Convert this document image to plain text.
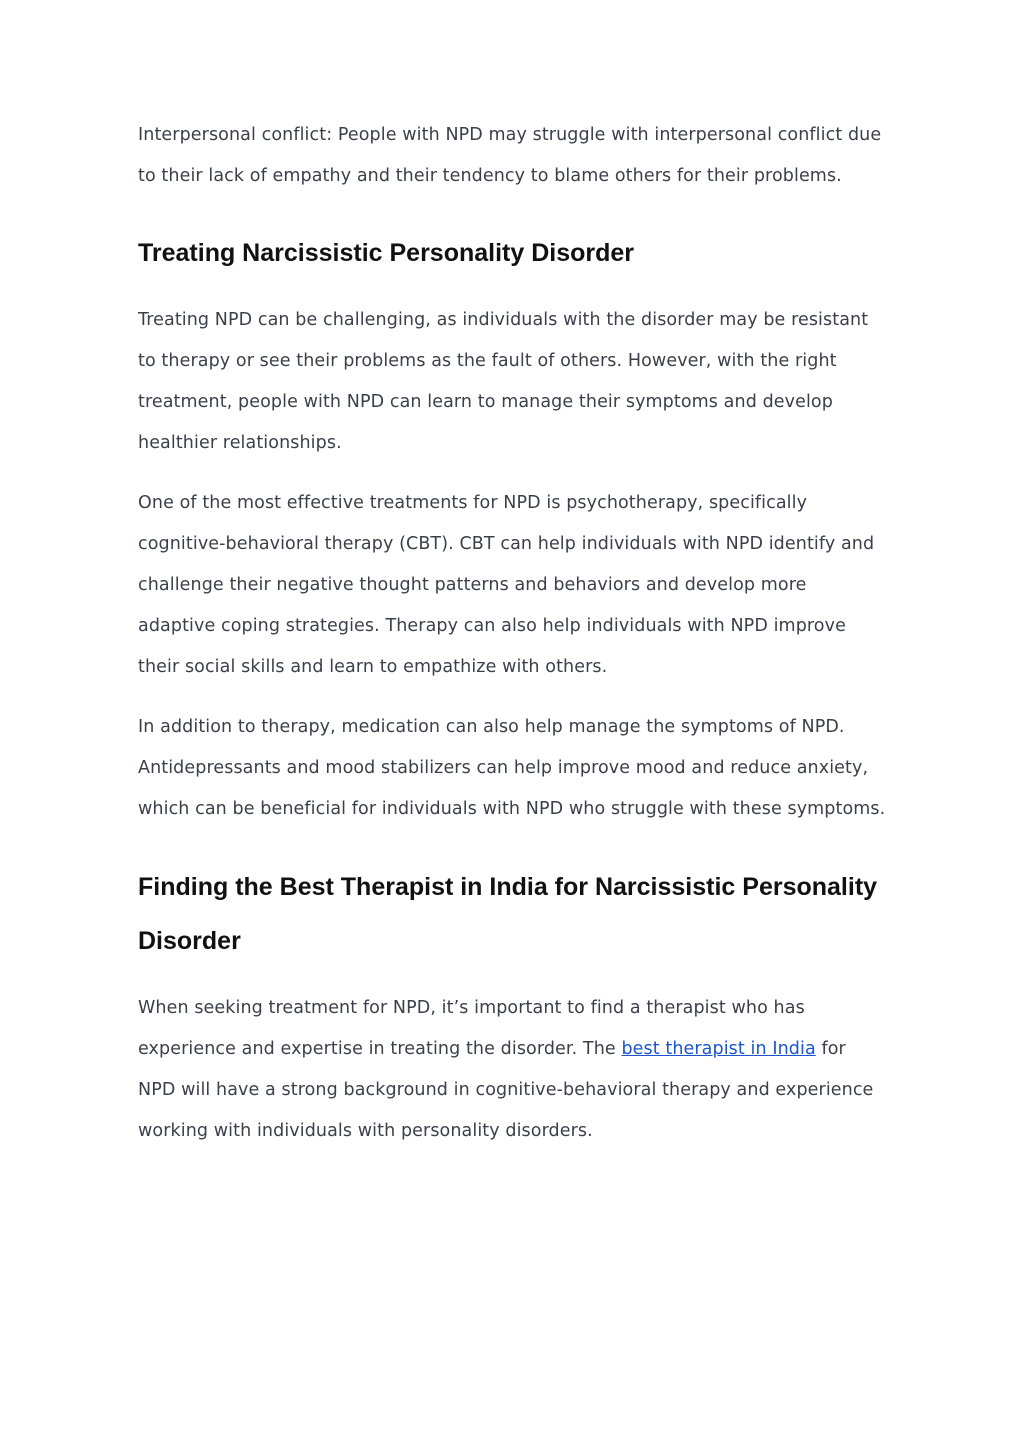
Interpersonal conflict: People with NPD may struggle with interpersonal conflict due to their lack of empathy and their tendency to blame others for their problems.

Treating Narcissistic Personality Disorder

Treating NPD can be challenging, as individuals with the disorder may be resistant to therapy or see their problems as the fault of others. However, with the right treatment, people with NPD can learn to manage their symptoms and develop healthier relationships.

One of the most effective treatments for NPD is psychotherapy, specifically cognitive-behavioral therapy (CBT). CBT can help individuals with NPD identify and challenge their negative thought patterns and behaviors and develop more adaptive coping strategies. Therapy can also help individuals with NPD improve their social skills and learn to empathize with others.

In addition to therapy, medication can also help manage the symptoms of NPD. Antidepressants and mood stabilizers can help improve mood and reduce anxiety, which can be beneficial for individuals with NPD who struggle with these symptoms.

Finding the Best Therapist in India for Narcissistic Personality Disorder

When seeking treatment for NPD, it’s important to find a therapist who has experience and expertise in treating the disorder. The best therapist in India for NPD will have a strong background in cognitive-behavioral therapy and experience working with individuals with personality disorders.
